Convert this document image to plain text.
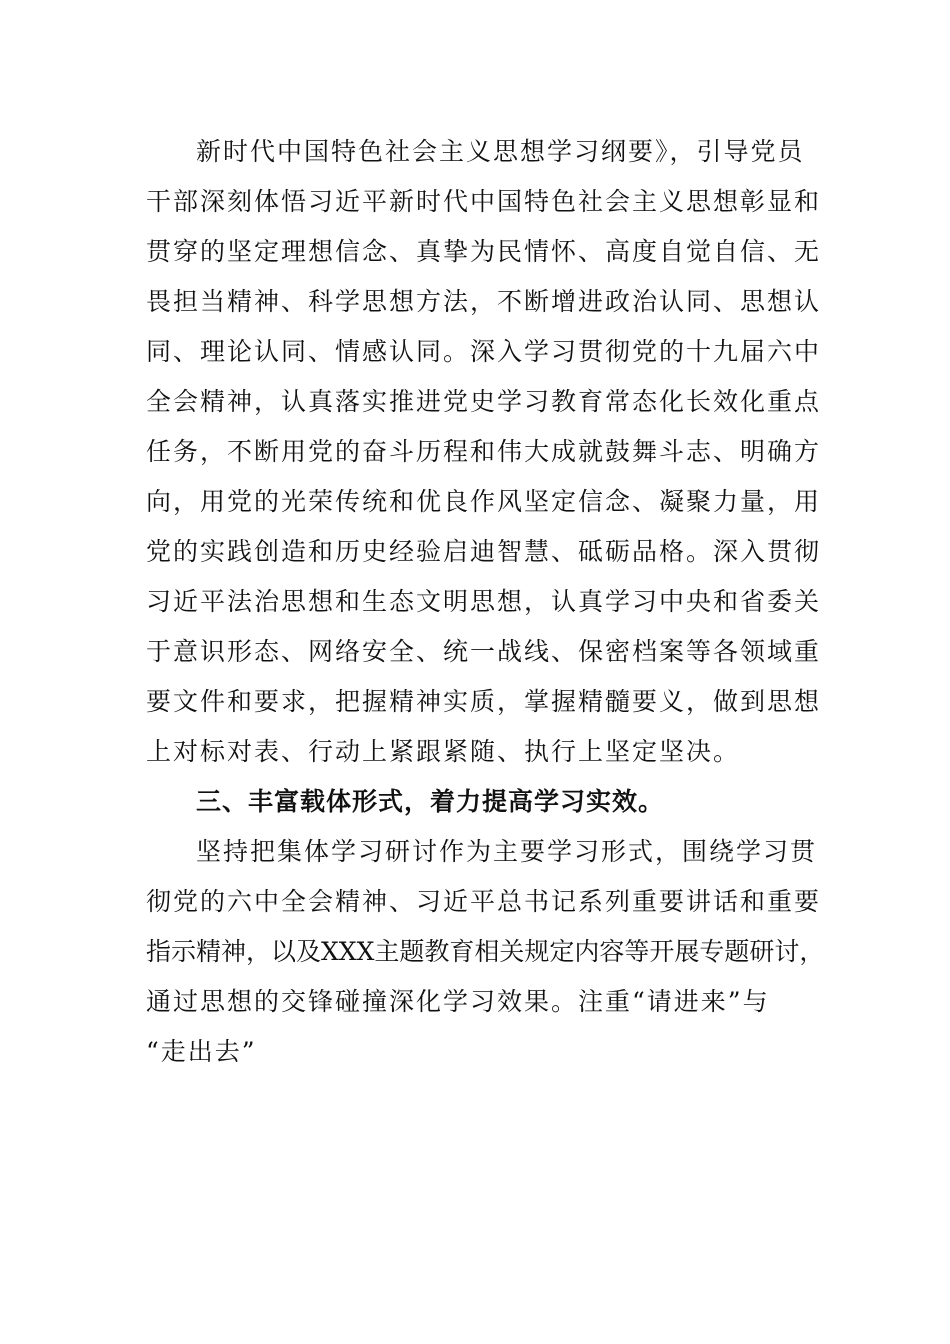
新时代中国特色社会主义思想学习纲要》，引导党员
干部深刻体悟习近平新时代中国特色社会主义思想彰显和
贯穿的坚定理想信念、真挚为民情怀、高度自觉自信、无
畏担当精神、科学思想方法，不断增进政治认同、思想认
同、理论认同、情感认同。深入学习贯彻党的十九届六中
全会精神，认真落实推进党史学习教育常态化长效化重点
任务，不断用党的奋斗历程和伟大成就鼓舞斗志、明确方
向，用党的光荣传统和优良作风坚定信念、凝聚力量，用
党的实践创造和历史经验启迪智慧、砥砺品格。深入贯彻
习近平法治思想和生态文明思想，认真学习中央和省委关
于意识形态、网络安全、统一战线、保密档案等各领域重
要文件和要求，把握精神实质，掌握精髓要义，做到思想
上对标对表、行动上紧跟紧随、执行上坚定坚决。
三、丰富载体形式，着力提高学习实效。
坚持把集体学习研讨作为主要学习形式，围绕学习贯
彻党的六中全会精神、习近平总书记系列重要讲话和重要
指示精神，以及XXX主题教育相关规定内容等开展专题研讨，
通过思想的交锋碰撞深化学习效果。注重“请进来”与
“走出去”
